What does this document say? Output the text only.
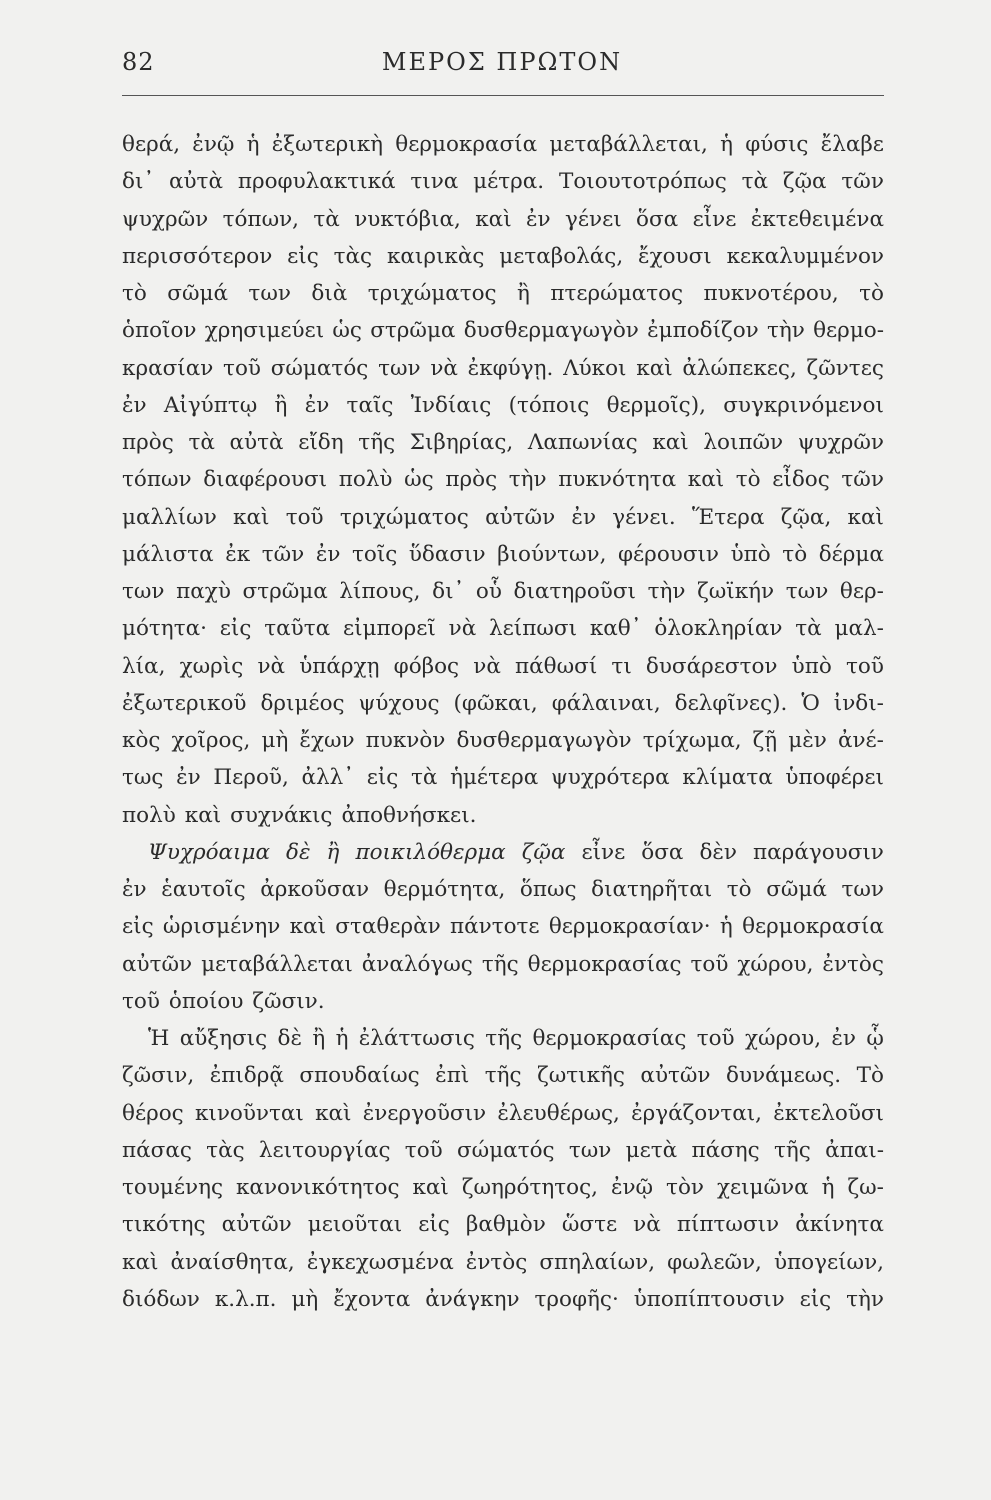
82	ΜΕΡΟΣ ΠΡΩΤΟΝ
θερά, ἐνῷ ἡ ἐξωτερικὴ θερμοκρασία μεταβάλλεται, ἡ φύσις ἔλαβε
δι᾽ αὐτὰ προφυλακτικά τινα μέτρα. Τοιουτοτρόπως τὰ ζῷα τῶν
ψυχρῶν τόπων, τὰ νυκτόβια, καὶ ἐν γένει ὅσα εἶνε ἐκτεθειμένα
περισσότερον εἰς τὰς καιρικὰς μεταβολάς, ἔχουσι κεκαλυμμένον
τὸ σῶμά των διὰ τριχώματος ἢ πτερώματος πυκνοτέρου, τὸ
ὁποῖον χρησιμεύει ὡς στρῶμα δυσθερμαγωγὸν ἐμποδίζον τὴν θερμο-
κρασίαν τοῦ σώματός των νὰ ἐκφύγῃ. Λύκοι καὶ ἀλώπεκες, ζῶντες
ἐν Αἰγύπτῳ ἢ ἐν ταῖς Ἰνδίαις (τόποις θερμοῖς), συγκρινόμενοι
πρὸς τὰ αὐτὰ εἴδη τῆς Σιβηρίας, Λαπωνίας καὶ λοιπῶν ψυχρῶν
τόπων διαφέρουσι πολὺ ὡς πρὸς τὴν πυκνότητα καὶ τὸ εἶδος τῶν
μαλλίων καὶ τοῦ τριχώματος αὐτῶν ἐν γένει. Ἕτερα ζῷα, καὶ
μάλιστα ἐκ τῶν ἐν τοῖς ὕδασιν βιούντων, φέρουσιν ὑπὸ τὸ δέρμα
των παχὺ στρῶμα λίπους, δι᾽ οὗ διατηροῦσι τὴν ζωϊκήν των θερ-
μότητα· εἰς ταῦτα εἰμπορεῖ νὰ λείπωσι καθ᾽ ὁλοκληρίαν τὰ μαλ-
λία, χωρὶς νὰ ὑπάρχῃ φόβος νὰ πάθωσί τι δυσάρεστον ὑπὸ τοῦ
ἐξωτερικοῦ δριμέος ψύχους (φῶκαι, φάλαιναι, δελφῖνες). Ὁ ἰνδι-
κὸς χοῖρος, μὴ ἔχων πυκνὸν δυσθερμαγωγὸν τρίχωμα, ζῇ μὲν ἀνέ-
τως ἐν Περοῦ, ἀλλ᾽ εἰς τὰ ἡμέτερα ψυχρότερα κλίματα ὑποφέρει
πολὺ καὶ συχνάκις ἀποθνήσκει.
Ψυχρόαιμα δὲ ἢ ποικιλόθερμα ζῷα εἶνε ὅσα δὲν παράγουσιν
ἐν ἑαυτοῖς ἀρκοῦσαν θερμότητα, ὅπως διατηρῆται τὸ σῶμά των
εἰς ὡρισμένην καὶ σταθερὰν πάντοτε θερμοκρασίαν· ἡ θερμοκρασία
αὐτῶν μεταβάλλεται ἀναλόγως τῆς θερμοκρασίας τοῦ χώρου, ἐντὸς
τοῦ ὁποίου ζῶσιν.
Ἡ αὔξησις δὲ ἢ ἡ ἐλάττωσις τῆς θερμοκρασίας τοῦ χώρου, ἐν ᾧ
ζῶσιν, ἐπιδρᾷ σπουδαίως ἐπὶ τῆς ζωτικῆς αὐτῶν δυνάμεως. Τὸ
θέρος κινοῦνται καὶ ἐνεργοῦσιν ἐλευθέρως, ἐργάζονται, ἐκτελοῦσι
πάσας τὰς λειτουργίας τοῦ σώματός των μετὰ πάσης τῆς ἀπαι-
τουμένης κανονικότητος καὶ ζωηρότητος, ἐνῷ τὸν χειμῶνα ἡ ζω-
τικότης αὐτῶν μειοῦται εἰς βαθμὸν ὥστε νὰ πίπτωσιν ἀκίνητα
καὶ ἀναίσθητα, ἐγκεχωσμένα ἐντὸς σπηλαίων, φωλεῶν, ὑπογείων,
διόδων κ.λ.π. μὴ ἔχοντα ἀνάγκην τροφῆς· ὑποπίπτουσιν εἰς τὴν
